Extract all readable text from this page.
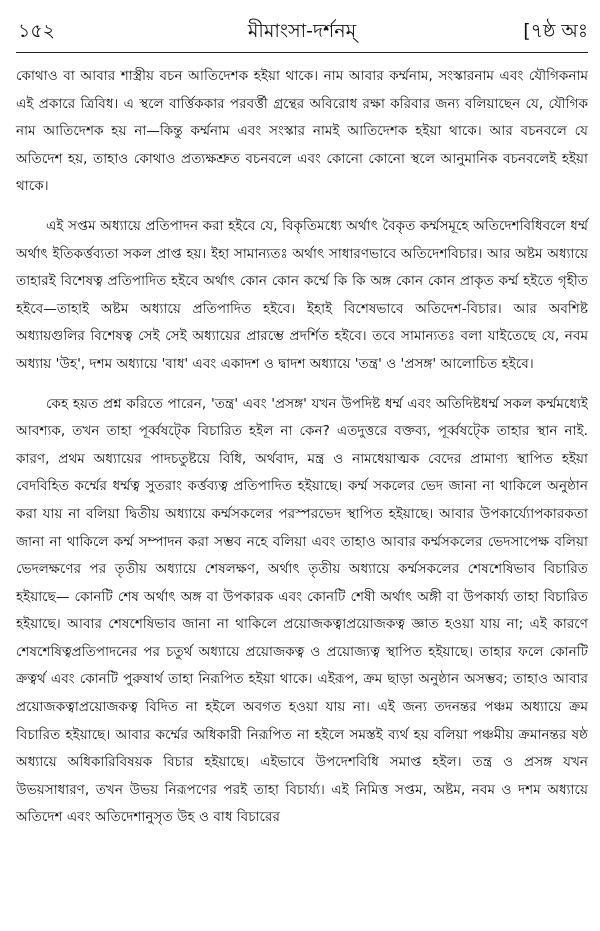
১৫২	মীমাংসা-দর্শনম্	[৭ষ্ঠ অঃ

কোথাও বা আবার শাস্ত্রীয় বচন আতিদেশক হইয়া থাকে। নাম আবার কর্ম্মনাম, সংস্কারনাম এবং যৌগিকনাম এই প্রকারে ত্রিবিধ। এ স্থলে বার্ত্তিককার পরবর্ত্তী গ্রন্থের অবিরোধ রক্ষা করিবার জন্য বলিয়াছেন যে, যৌগিক নাম আতিদেশক হয় না—কিন্তু কর্ম্মনাম এবং সংস্কার নামই আতিদেশক হইয়া থাকে। আর বচনবলে যে অতিদেশ হয়, তাহাও কোথাও প্রত্যক্ষশ্রুত বচনবলে এবং কোনো কোনো স্থলে আনুমানিক বচনবলেই হইয়া থাকে।

এই সপ্তম অধ্যায়ে প্রতিপাদন করা হইবে যে, বিকৃতিমধ্যে অর্থাৎ বৈকৃত কর্ম্মসমূহে অতিদেশবিধিবলে ধর্ম্ম অর্থাৎ ইতিকর্ত্তব্যতা সকল প্রাপ্ত হয়। ইহা সামান্যতঃ অর্থাৎ সাধারণভাবে অতিদেশবিচার। আর অষ্টম অধ্যায়ে তাহারই বিশেষত্ব প্রতিপাদিত হইবে অর্থাৎ কোন কোন কর্ম্মে কি কি অঙ্গ কোন কোন প্রাকৃত কর্ম্ম হইতে গৃহীত হইবে—তাহাই অষ্টম অধ্যায়ে প্রতিপাদিত হইবে। ইহাই বিশেষভাবে অতিদেশ-বিচার। আর অবশিষ্ট অধ্যায়গুলির বিশেষত্ব সেই সেই অধ্যায়ের প্রারম্ভে প্রদর্শিত হইবে। তবে সামান্যতঃ বলা যাইতেছে যে, নবম অধ্যায় 'উহ', দশম অধ্যায়ে 'বাধ' এবং একাদশ ও দ্বাদশ অধ্যায়ে 'তন্ত্র' ও 'প্রসঙ্গ' আলোচিত হইবে।

কেহ হয়ত প্রশ্ন করিতে পারেন, 'তন্ত্র' এবং 'প্রসঙ্গ' যখন উপদিষ্ট ধর্ম্ম এবং অতিদিষ্টধর্ম্ম সকল কর্ম্মমধ্যেই আবশ্যক, তখন তাহা পূর্ব্বষট্কে বিচারিত হইল না কেন? এতদুত্তরে বক্তব্য, পূর্ব্বষট্কে তাহার স্থান নাই. কারণ, প্রথম অধ্যায়ের পাদচতুষ্টয়ে বিধি, অর্থবাদ, মন্ত্র ও নামধেয়াত্মক বেদের প্রামাণ্য স্থাপিত হইয়া বেদবিহিত কর্ম্মের ধর্ম্মত্ব সুতরাং কর্ত্তব্যত্ব প্রতিপাদিত হইয়াছে। কর্ম্ম সকলের ভেদ জানা না থাকিলে অনুষ্ঠান করা যায় না বলিয়া দ্বিতীয় অধ্যায়ে কর্ম্মসকলের পরস্পরভেদ স্থাপিত হইয়াছে। আবার উপকার্য্যোপকারকতা জানা না থাকিলে কর্ম্ম সম্পাদন করা সম্ভব নহে বলিয়া এবং তাহাও আবার কর্ম্মসকলের ভেদসাপেক্ষ বলিয়া ভেদলক্ষণের পর তৃতীয় অধ্যায়ে শেষলক্ষণ, অর্থাৎ তৃতীয় অধ্যায়ে কর্ম্মসকলের শেষশেষিভাব বিচারিত হইয়াছে— কোনটি শেষ অর্থাৎ অঙ্গ বা উপকারক এবং কোনটি শেষী অর্থাৎ অঙ্গী বা উপকার্য্য তাহা বিচারিত হইয়াছে। আবার শেষশেষিভাব জানা না থাকিলে প্রয়োজকত্বাপ্রয়োজকত্ব জ্ঞাত হওয়া যায় না; এই কারণে শেষশেষিত্বপ্রতিপাদনের পর চতুর্থ অধ্যায়ে প্রয়োজকত্ব ও প্রয়োজ্যত্ব স্থাপিত হইয়াছে। তাহার ফলে কোনটি ক্রত্বর্থ এবং কোনটি পুরুষার্থ তাহা নিরূপিত হইয়া থাকে। এইরূপ, ক্রম ছাড়া অনুষ্ঠান অসম্ভব; তাহাও আবার প্রয়োজকত্বাপ্রয়োজকত্ব বিদিত না হইলে অবগত হওয়া যায় না। এই জন্য তদনন্তর পঞ্চম অধ্যায়ে ক্রম বিচারিত হইয়াছে। আবার কর্ম্মের অধিকারী নিরূপিত না হইলে সমস্তই ব্যর্থ হয় বলিয়া পঞ্চমীয় ক্রমানন্তর ষষ্ঠ অধ্যায়ে অধিকারিবিষয়ক বিচার হইয়াছে। এইভাবে উপদেশবিধি সমাপ্ত হইল। তন্ত্র ও প্রসঙ্গ যখন উভয়সাধারণ, তখন উভয় নিরূপণের পরই তাহা বিচার্য্য। এই নিমিত্ত সপ্তম, অষ্টম, নবম ও দশম অধ্যায়ে অতিদেশ এবং অতিদেশানুসৃত উহ ও বাধ বিচারের
